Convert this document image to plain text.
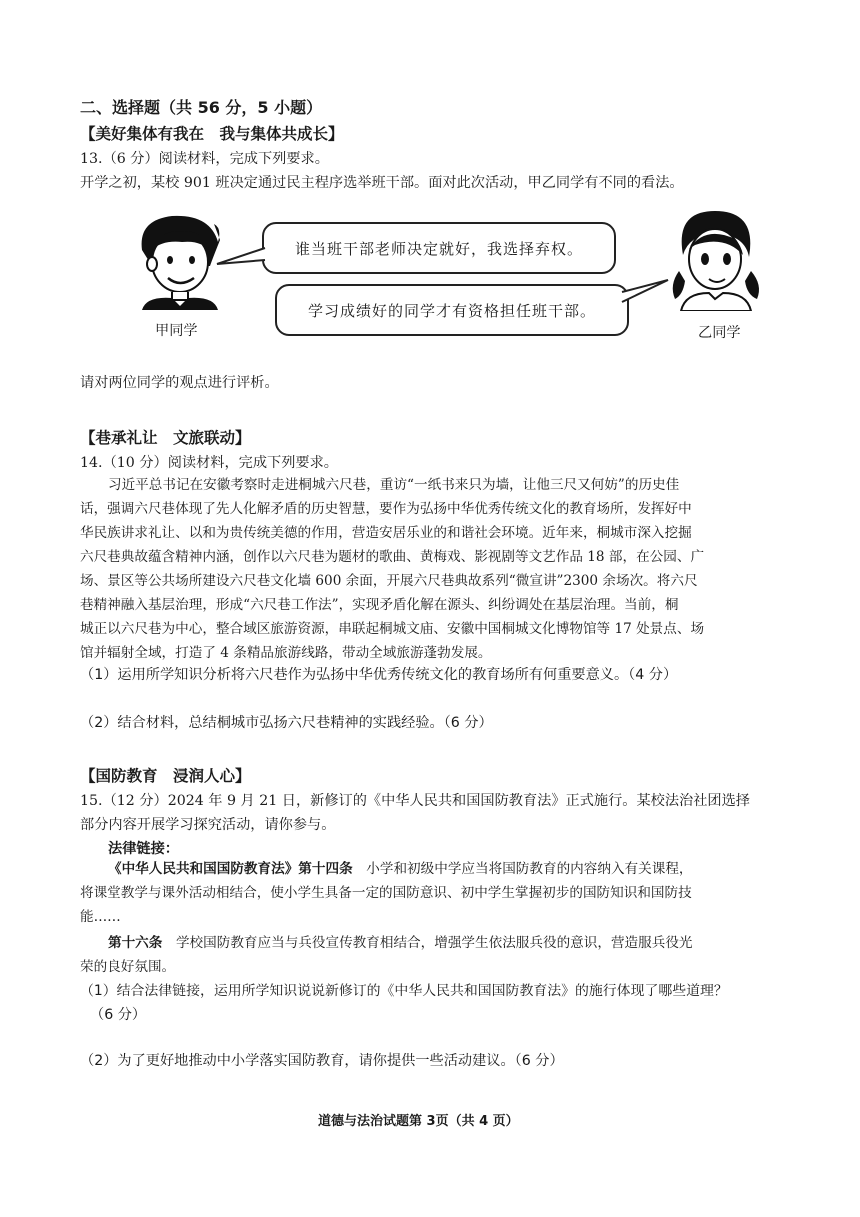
二、选择题（共 56 分，5 小题）
【美好集体有我在　我与集体共成长】
13.（6 分）阅读材料，完成下列要求。
开学之初，某校 901 班决定通过民主程序选举班干部。面对此次活动，甲乙同学有不同的看法。
谁当班干部老师决定就好，我选择弃权。
学习成绩好的同学才有资格担任班干部。
甲同学	乙同学
请对两位同学的观点进行评析。
【巷承礼让　文旅联动】
14.（10 分）阅读材料，完成下列要求。
习近平总书记在安徽考察时走进桐城六尺巷，重访“一纸书来只为墙，让他三尺又何妨”的历史佳
话，强调六尺巷体现了先人化解矛盾的历史智慧，要作为弘扬中华优秀传统文化的教育场所，发挥好中
华民族讲求礼让、以和为贵传统美德的作用，营造安居乐业的和谐社会环境。近年来，桐城市深入挖掘
六尺巷典故蕴含精神内涵，创作以六尺巷为题材的歌曲、黄梅戏、影视剧等文艺作品 18 部，在公园、广
场、景区等公共场所建设六尺巷文化墙 600 余面，开展六尺巷典故系列“微宣讲”2300 余场次。将六尺
巷精神融入基层治理，形成“六尺巷工作法”，实现矛盾化解在源头、纠纷调处在基层治理。当前，桐
城正以六尺巷为中心，整合域区旅游资源，串联起桐城文庙、安徽中国桐城文化博物馆等 17 处景点、场
馆并辐射全域，打造了 4 条精品旅游线路，带动全域旅游蓬勃发展。
（1）运用所学知识分析将六尺巷作为弘扬中华优秀传统文化的教育场所有何重要意义。（4 分）
（2）结合材料，总结桐城市弘扬六尺巷精神的实践经验。（6 分）
【国防教育　浸润人心】
15.（12 分）2024 年 9 月 21 日，新修订的《中华人民共和国国防教育法》正式施行。某校法治社团选择
部分内容开展学习探究活动，请你参与。
法律链接：
《中华人民共和国国防教育法》第十四条　小学和初级中学应当将国防教育的内容纳入有关课程，
将课堂教学与课外活动相结合，使小学生具备一定的国防意识、初中学生掌握初步的国防知识和国防技
能……
第十六条　学校国防教育应当与兵役宣传教育相结合，增强学生依法服兵役的意识，营造服兵役光
荣的良好氛围。
（1）结合法律链接，运用所学知识说说新修订的《中华人民共和国国防教育法》的施行体现了哪些道理？
（6 分）
（2）为了更好地推动中小学落实国防教育，请你提供一些活动建议。（6 分）
道德与法治试题第 3页（共 4 页）
